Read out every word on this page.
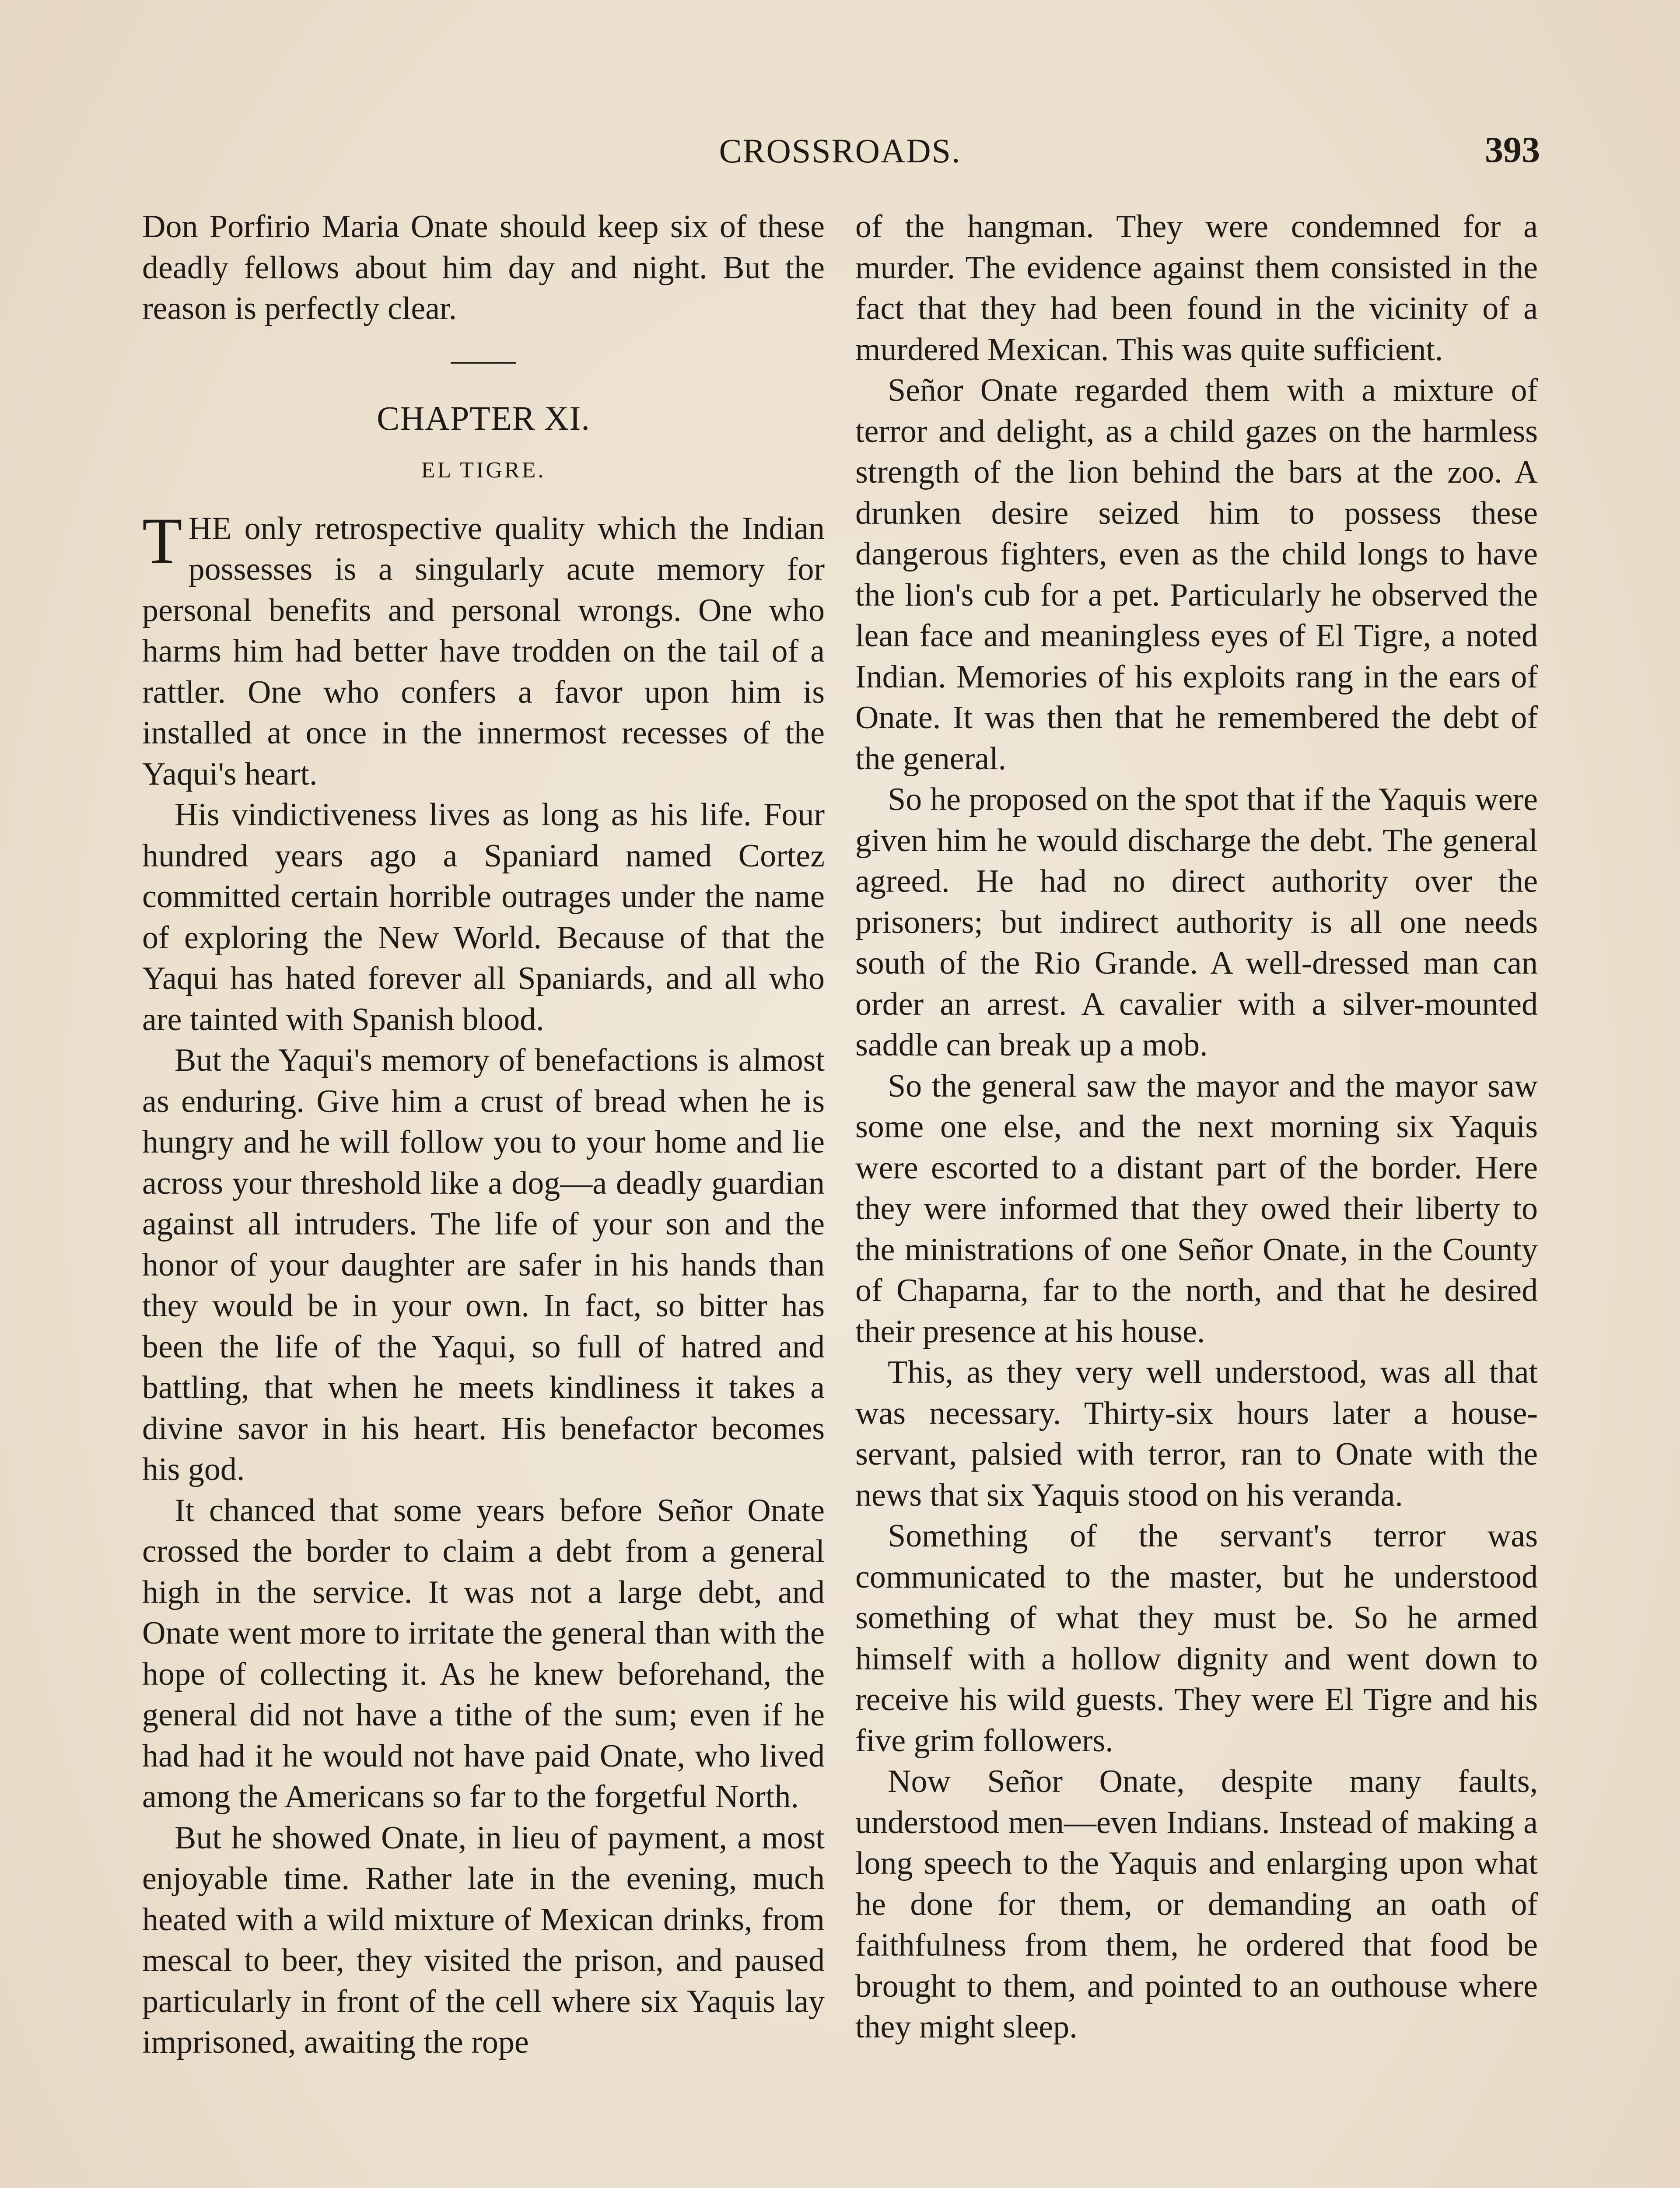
CROSSROADS.	393

Don Porfirio Maria Onate should keep six of these deadly fellows about him day and night. But the reason is perfectly clear.

CHAPTER XI.
EL TIGRE.

THE only retrospective quality which the Indian possesses is a singularly acute memory for personal benefits and personal wrongs. One who harms him had better have trodden on the tail of a rattler. One who confers a favor upon him is installed at once in the innermost recesses of the Yaqui's heart.

His vindictiveness lives as long as his life. Four hundred years ago a Spaniard named Cortez committed certain horrible outrages under the name of exploring the New World. Because of that the Yaqui has hated forever all Spaniards, and all who are tainted with Spanish blood.

But the Yaqui's memory of benefactions is almost as enduring. Give him a crust of bread when he is hungry and he will follow you to your home and lie across your threshold like a dog—a deadly guardian against all intruders. The life of your son and the honor of your daughter are safer in his hands than they would be in your own. In fact, so bitter has been the life of the Yaqui, so full of hatred and battling, that when he meets kindliness it takes a divine savor in his heart. His benefactor becomes his god.

It chanced that some years before Señor Onate crossed the border to claim a debt from a general high in the service. It was not a large debt, and Onate went more to irritate the general than with the hope of collecting it. As he knew beforehand, the general did not have a tithe of the sum; even if he had had it he would not have paid Onate, who lived among the Americans so far to the forgetful North.

But he showed Onate, in lieu of payment, a most enjoyable time. Rather late in the evening, much heated with a wild mixture of Mexican drinks, from mescal to beer, they visited the prison, and paused particularly in front of the cell where six Yaquis lay imprisoned, awaiting the rope

of the hangman. They were condemned for a murder. The evidence against them consisted in the fact that they had been found in the vicinity of a murdered Mexican. This was quite sufficient.

Señor Onate regarded them with a mixture of terror and delight, as a child gazes on the harmless strength of the lion behind the bars at the zoo. A drunken desire seized him to possess these dangerous fighters, even as the child longs to have the lion's cub for a pet. Particularly he observed the lean face and meaningless eyes of El Tigre, a noted Indian. Memories of his exploits rang in the ears of Onate. It was then that he remembered the debt of the general.

So he proposed on the spot that if the Yaquis were given him he would discharge the debt. The general agreed. He had no direct authority over the prisoners; but indirect authority is all one needs south of the Rio Grande. A well-dressed man can order an arrest. A cavalier with a silver-mounted saddle can break up a mob.

So the general saw the mayor and the mayor saw some one else, and the next morning six Yaquis were escorted to a distant part of the border. Here they were informed that they owed their liberty to the ministrations of one Señor Onate, in the County of Chaparna, far to the north, and that he desired their presence at his house.

This, as they very well understood, was all that was necessary. Thirty-six hours later a house-servant, palsied with terror, ran to Onate with the news that six Yaquis stood on his veranda.

Something of the servant's terror was communicated to the master, but he understood something of what they must be. So he armed himself with a hollow dignity and went down to receive his wild guests. They were El Tigre and his five grim followers.

Now Señor Onate, despite many faults, understood men—even Indians. Instead of making a long speech to the Yaquis and enlarging upon what he done for them, or demanding an oath of faithfulness from them, he ordered that food be brought to them, and pointed to an outhouse where they might sleep.
